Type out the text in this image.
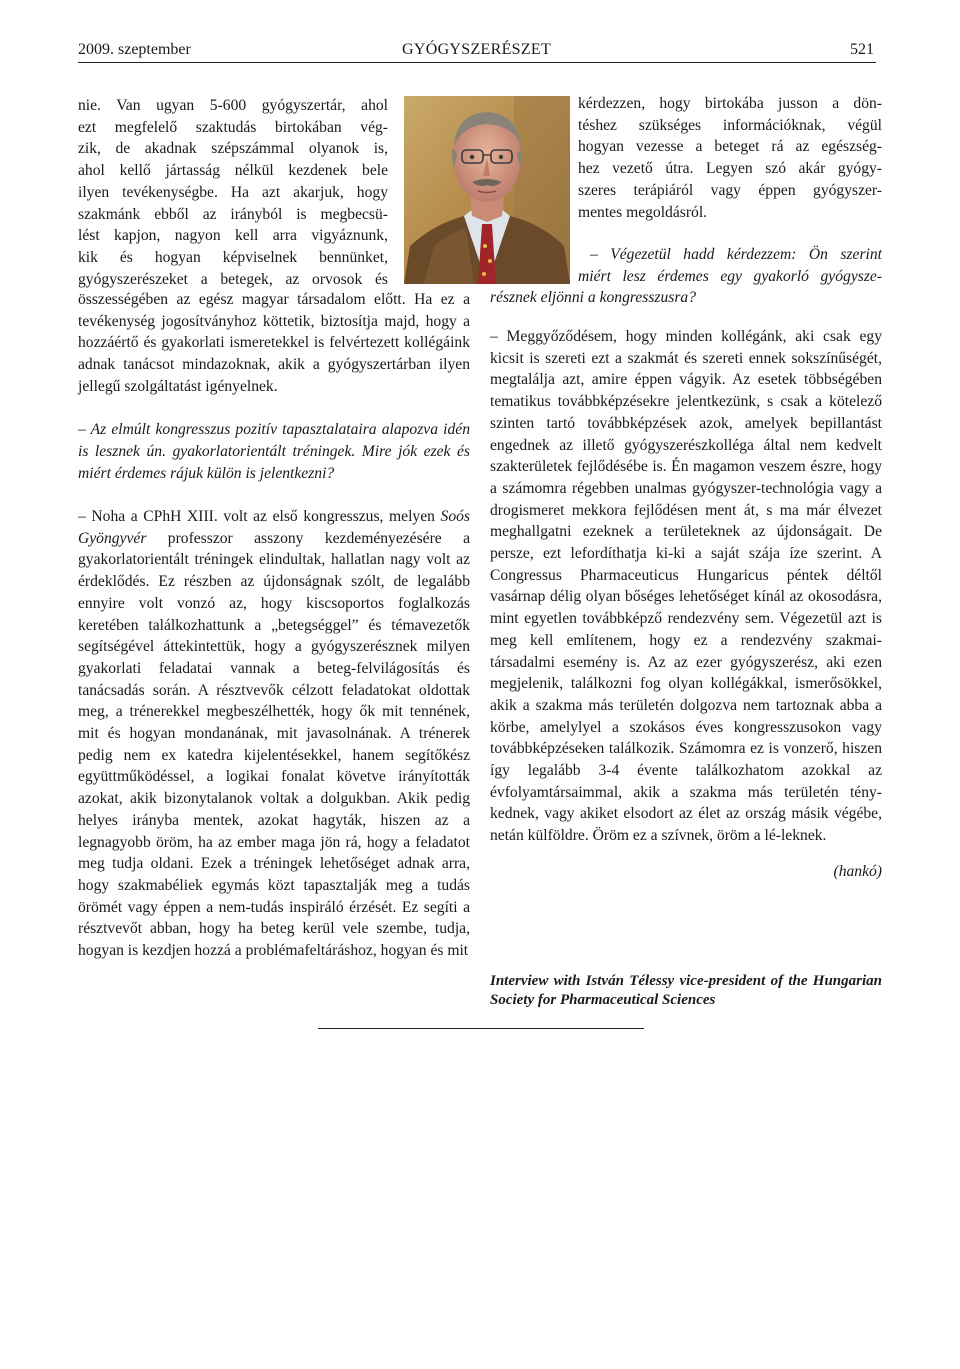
2009. szeptember	GYÓGYSZERÉSZET	521

nie. Van ugyan 5-600 gyógyszertár, ahol

ezt megfelelő szaktudás birtokában vég-

zik, de akadnak szépszámmal olyanok is,

ahol kellő jártasság nélkül kezdenek bele

ilyen tevékenységbe. Ha azt akarjuk, hogy

szakmánk ebből az irányból is megbecsü-

lést kapjon, nagyon kell arra vigyáznunk,

kik és hogyan képviselnek bennünket,

gyógyszerészeket a betegek, az orvosok és

összességében az egész magyar társadalom előtt. Ha ez a tevékenység jogosítványhoz köttetik, biztosítja majd, hogy a hozzáértő és gyakorlati ismeretekkel is felvértezett kollégáink adnak tanácsot mindazoknak, akik a gyógyszertárban ilyen jellegű szolgáltatást igényelnek.

– Az elmúlt kongresszus pozitív tapasztalataira alapozva idén is lesznek ún. gyakorlatorientált tréningek. Mire jók ezek és miért érdemes rájuk külön is jelentkezni?

– Noha a CPhH XIII. volt az első kongresszus, melyen Soós Gyöngyvér professzor asszony kezdeményezésére a gyakorlatorientált tréningek elindultak, hallatlan nagy volt az érdeklődés. Ez részben az újdonságnak szólt, de legalább ennyire volt vonzó az, hogy kiscsoportos foglalkozás keretében találkozhattunk a „betegséggel” és témavezetők segítségével áttekintettük, hogy a gyógyszerésznek milyen gyakorlati feladatai vannak a beteg-felvilágosítás és tanácsadás során. A résztvevők célzott feladatokat oldottak meg, a trénerekkel megbeszélhették, hogy ők mit tennének, mit és hogyan mondanának, mit javasolnának. A trénerek pedig nem ex katedra kijelentésekkel, hanem segítőkész együttműködéssel, a logikai fonalat követve irányították azokat, akik bizonytalanok voltak a dolgukban. Akik pedig helyes irányba mentek, azokat hagyták, hiszen az a legnagyobb öröm, ha az ember maga jön rá, hogy a feladatot meg tudja oldani. Ezek a tréningek lehetőséget adnak arra, hogy szakmabéliek egymás közt tapasztalják meg a tudás örömét vagy éppen a nem-tudás inspiráló érzését. Ez segíti a résztvevőt abban, hogy ha beteg kerül vele szembe, tudja, hogyan is kezdjen hozzá a problémafeltáráshoz, hogyan és mit

kérdezzen, hogy birtokába jusson a dön-

téshez szükséges információknak, végül

hogyan vezesse a beteget rá az egészség-

hez vezető útra. Legyen szó akár gyógy-

szeres terápiáról vagy éppen gyógyszer-

mentes megoldásról.

– Végezetül hadd kérdezzem: Ön szerint

miért lesz érdemes egy gyakorló gyógysze-

résznek eljönni a kongresszusra?

– Meggyőződésem, hogy minden kollégánk, aki csak egy kicsit is szereti ezt a szakmát és szereti ennek sokszínűségét, megtalálja azt, amire éppen vágyik. Az esetek többségében tematikus továbbképzésekre jelentkezünk, s csak a kötelező szinten tartó továbbképzések azok, amelyek bepillantást engednek az illető gyógyszerészkolléga által nem kedvelt szakterületek fejlődésébe is. Én magamon veszem észre, hogy a számomra régebben unalmas gyógyszer-technológia vagy a drogismeret mekkora fejlődésen ment át, s ma már élvezet meghallgatni ezeknek a területeknek az újdonságait. De persze, ezt lefordíthatja ki-ki a saját szája íze szerint. A Congressus Pharmaceuticus Hungaricus péntek déltől vasárnap délig olyan bőséges lehetőséget kínál az okosodásra, mint egyetlen továbbképző rendezvény sem. Végezetül azt is meg kell említenem, hogy ez a rendezvény szakmai-társadalmi esemény is. Az az ezer gyógyszerész, aki ezen megjelenik, találkozni fog olyan kollégákkal, ismerősökkel, akik a szakma más területén dolgozva nem tartoznak abba a körbe, amelylyel a szokásos éves kongresszusokon vagy továbbképzéseken találkozik. Számomra ez is vonzerő, hiszen így legalább 3-4 évente találkozhatom azokkal az évfolyamtársaimmal, akik a szakma más területén tény-kednek, vagy akiket elsodort az élet az ország másik végébe, netán külföldre. Öröm ez a szívnek, öröm a lé-leknek.

(hankó)

Interview with István Télessy vice-president of the Hungarian Society for Pharmaceutical Sciences
